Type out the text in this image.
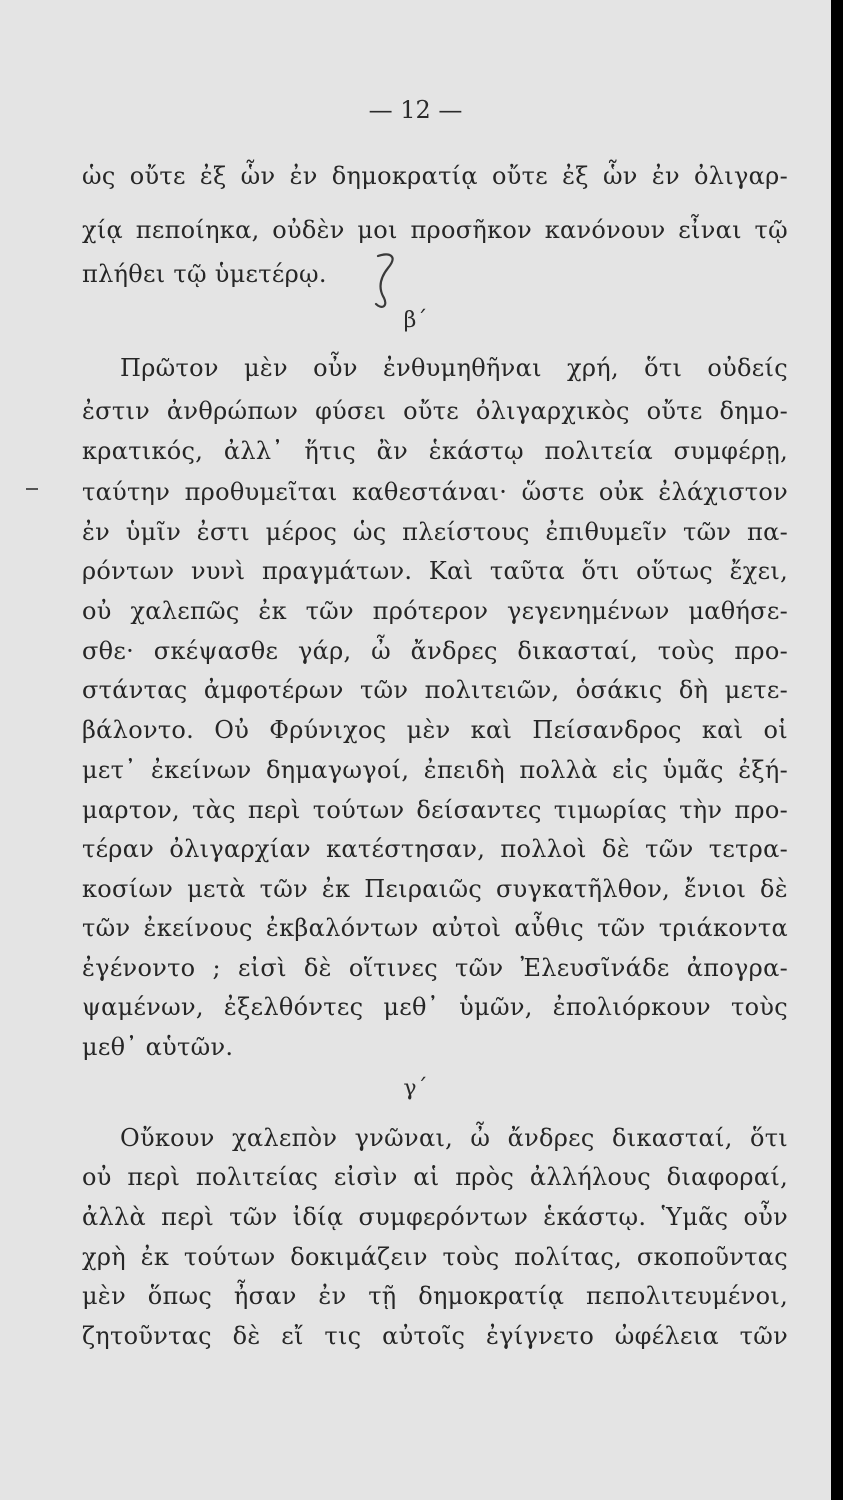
— 12 —
ὡς οὔτε ἐξ ὧν ἐν δημοκρατίᾳ οὔτε ἐξ ὧν ἐν ὀλιγαρ-
χίᾳ πεποίηκα, οὐδὲν μοι προσῆκον κανόνουν εἶναι τῷ
πλήθει τῷ ὑμετέρῳ.
β΄
Πρῶτον μὲν οὖν ἐνθυμηθῆναι χρή, ὅτι οὐδείς
ἐστιν ἀνθρώπων φύσει οὔτε ὀλιγαρχικὸς οὔτε δημο-
κρατικός, ἀλλ᾽ ἥτις ἂν ἑκάστῳ πολιτεία συμφέρῃ,
ταύτην προθυμεῖται καθεστάναι· ὥστε οὐκ ἐλάχιστον
ἐν ὑμῖν ἐστι μέρος ὡς πλείστους ἐπιθυμεῖν τῶν πα-
ρόντων νυνὶ πραγμάτων. Καὶ ταῦτα ὅτι οὕτως ἔχει,
οὐ χαλεπῶς ἐκ τῶν πρότερον γεγενημένων μαθήσε-
σθε· σκέψασθε γάρ, ὦ ἄνδρες δικασταί, τοὺς προ-
στάντας ἀμφοτέρων τῶν πολιτειῶν, ὁσάκις δὴ μετε-
βάλοντο. Οὐ Φρύνιχος μὲν καὶ Πείσανδρος καὶ οἱ
μετ᾽ ἐκείνων δημαγωγοί, ἐπειδὴ πολλὰ εἰς ὑμᾶς ἐξή-
μαρτον, τὰς περὶ τούτων δείσαντες τιμωρίας τὴν προ-
τέραν ὀλιγαρχίαν κατέστησαν, πολλοὶ δὲ τῶν τετρα-
κοσίων μετὰ τῶν ἐκ Πειραιῶς συγκατῆλθον, ἔνιοι δὲ
τῶν ἐκείνους ἐκβαλόντων αὐτοὶ αὖθις τῶν τριάκοντα
ἐγένοντο ; εἰσὶ δὲ οἵτινες τῶν Ἐλευσῖνάδε ἀπογρα-
ψαμένων, ἐξελθόντες μεθ᾽ ὑμῶν, ἐπολιόρκουν τοὺς
μεθ᾽ αὑτῶν.
γ΄
Οὔκουν χαλεπὸν γνῶναι, ὦ ἄνδρες δικασταί, ὅτι
οὐ περὶ πολιτείας εἰσὶν αἱ πρὸς ἀλλήλους διαφοραί,
ἀλλὰ περὶ τῶν ἰδίᾳ συμφερόντων ἑκάστῳ. Ὑμᾶς οὖν
χρὴ ἐκ τούτων δοκιμάζειν τοὺς πολίτας, σκοποῦντας
μὲν ὅπως ἦσαν ἐν τῇ δημοκρατίᾳ πεπολιτευμένοι,
ζητοῦντας δὲ εἴ τις αὐτοῖς ἐγίγνετο ὠφέλεια τῶν
